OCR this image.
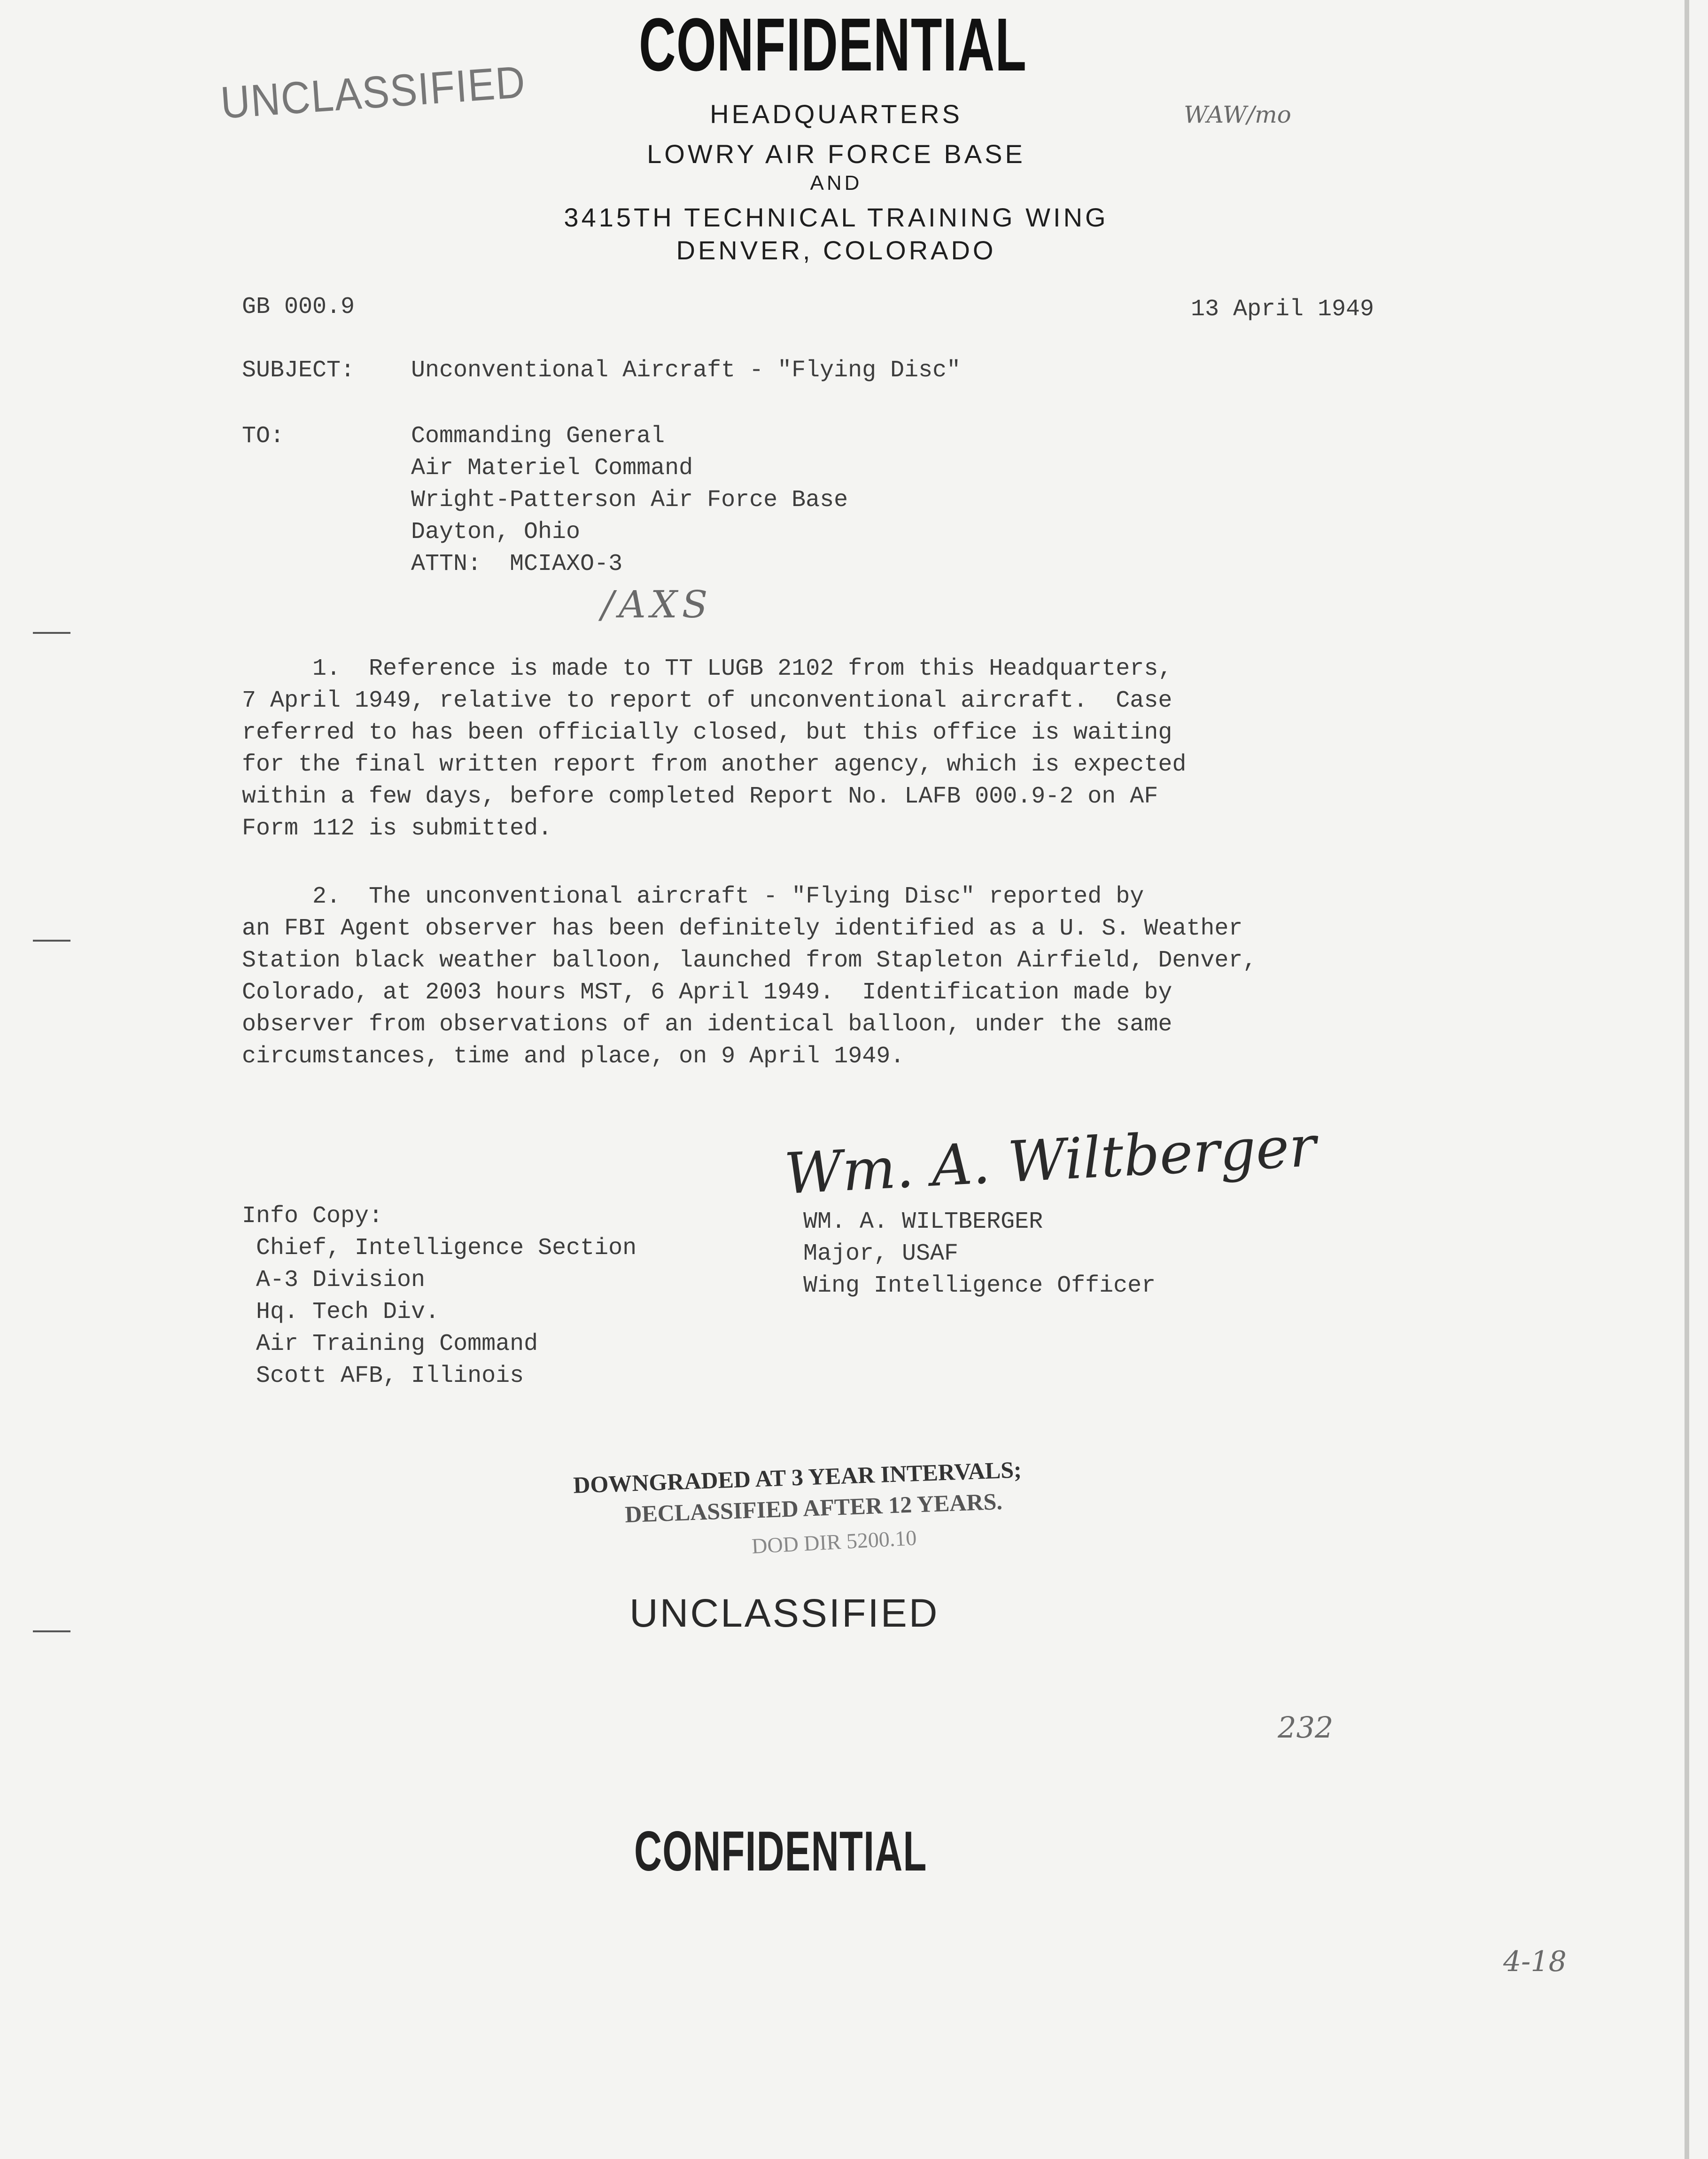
CONFIDENTIAL
UNCLASSIFIED	WAW/mo
HEADQUARTERS
LOWRY AIR FORCE BASE
AND
3415TH TECHNICAL TRAINING WING
DENVER, COLORADO
GB 000.9	13 April 1949
SUBJECT: Unconventional Aircraft - "Flying Disc"
TO:	Commanding General
Air Materiel Command
Wright-Patterson Air Force Base
Dayton, Ohio
ATTN:  MCIAXO-3
/AXS
1.  Reference is made to TT LUGB 2102 from this Headquarters,
7 April 1949, relative to report of unconventional aircraft.  Case
referred to has been officially closed, but this office is waiting
for the final written report from another agency, which is expected
within a few days, before completed Report No. LAFB 000.9-2 on AF
Form 112 is submitted.
2.  The unconventional aircraft - "Flying Disc" reported by
an FBI Agent observer has been definitely identified as a U. S. Weather
Station black weather balloon, launched from Stapleton Airfield, Denver,
Colorado, at 2003 hours MST, 6 April 1949.  Identification made by
observer from observations of an identical balloon, under the same
circumstances, time and place, on 9 April 1949.
Wm. A. Wiltberger
WM. A. WILTBERGER
Major, USAF
Wing Intelligence Officer
Info Copy:
Chief, Intelligence Section
A-3 Division
Hq. Tech Div.
Air Training Command
Scott AFB, Illinois
DOWNGRADED AT 3 YEAR INTERVALS;
DECLASSIFIED AFTER 12 YEARS.
DOD DIR 5200.10
UNCLASSIFIED
232
CONFIDENTIAL
4-18
